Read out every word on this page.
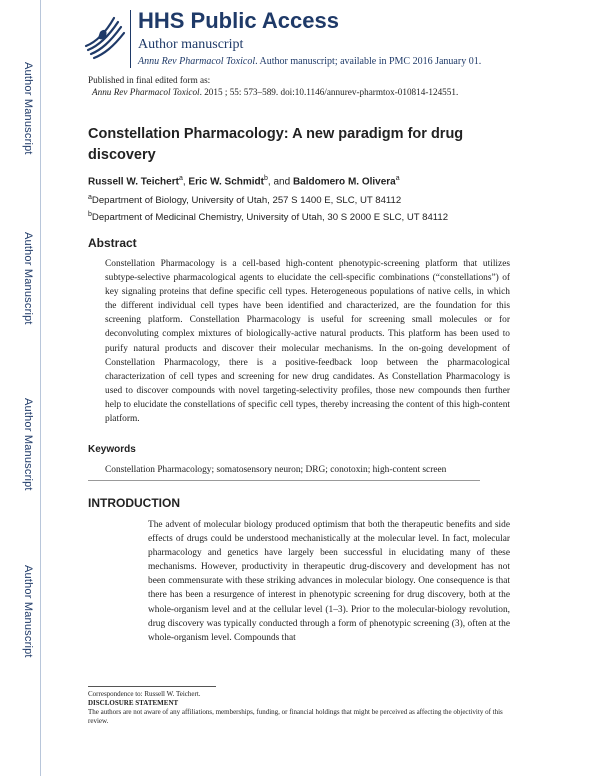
Author Manuscript
Author Manuscript
Author Manuscript
Author Manuscript
HHS Public Access
Author manuscript
Annu Rev Pharmacol Toxicol. Author manuscript; available in PMC 2016 January 01.
Published in final edited form as:
Annu Rev Pharmacol Toxicol. 2015 ; 55: 573–589. doi:10.1146/annurev-pharmtox-010814-124551.
Constellation Pharmacology: A new paradigm for drug discovery
Russell W. Teichert$^a$, Eric W. Schmidt$^b$, and Baldomero M. Olivera$^a$
$^a$Department of Biology, University of Utah, 257 S 1400 E, SLC, UT 84112
$^b$Department of Medicinal Chemistry, University of Utah, 30 S 2000 E SLC, UT 84112
Abstract

Constellation Pharmacology is a cell-based high-content phenotypic-screening platform that utilizes subtype-selective pharmacological agents to elucidate the cell-specific combinations (“constellations”) of key signaling proteins that define specific cell types. Heterogeneous populations of native cells, in which the different individual cell types have been identified and characterized, are the foundation for this screening platform. Constellation Pharmacology is useful for screening small molecules or for deconvoluting complex mixtures of biologically-active natural products. This platform has been used to purify natural products and discover their molecular mechanisms. In the on-going development of Constellation Pharmacology, there is a positive-feedback loop between the pharmacological characterization of cell types and screening for new drug candidates. As Constellation Pharmacology is used to discover compounds with novel targeting-selectivity profiles, those new compounds then further help to elucidate the constellations of specific cell types, thereby increasing the content of this high-content platform.

Keywords

Constellation Pharmacology; somatosensory neuron; DRG; conotoxin; high-content screen

INTRODUCTION

The advent of molecular biology produced optimism that both the therapeutic benefits and side effects of drugs could be understood mechanistically at the molecular level. In fact, molecular pharmacology and genetics have largely been successful in elucidating many of these mechanisms. However, productivity in therapeutic drug-discovery and development has not been commensurate with these striking advances in molecular biology. One consequence is that there has been a resurgence of interest in phenotypic screening for drug discovery, both at the whole-organism level and at the cellular level (1–3). Prior to the molecular-biology revolution, drug discovery was typically conducted through a form of phenotypic screening (3), often at the whole-organism level. Compounds that

Correspondence to: Russell W. Teichert.
DISCLOSURE STATEMENT
The authors are not aware of any affiliations, memberships, funding, or financial holdings that might be perceived as affecting the objectivity of this review.
